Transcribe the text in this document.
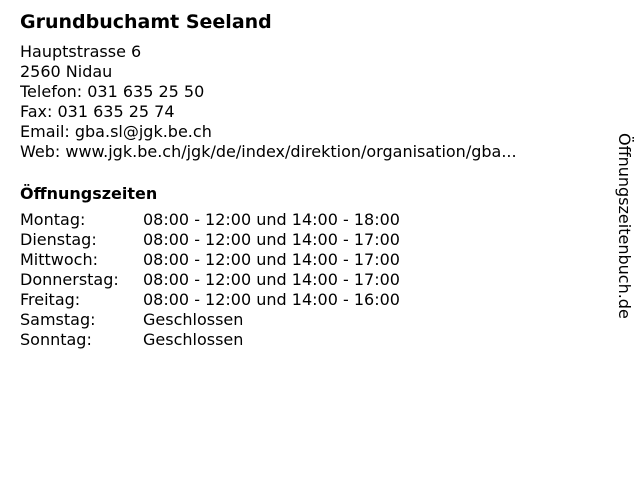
Grundbuchamt Seeland
Hauptstrasse 6
2560 Nidau
Telefon: 031 635 25 50
Fax: 031 635 25 74
Email: gba.sl@jgk.be.ch
Web: www.jgk.be.ch/jgk/de/index/direktion/organisation/gba...
Öffnungszeiten
Montag:	08:00 - 12:00 und 14:00 - 18:00
Dienstag:	08:00 - 12:00 und 14:00 - 17:00
Mittwoch:	08:00 - 12:00 und 14:00 - 17:00
Donnerstag:	08:00 - 12:00 und 14:00 - 17:00
Freitag:	08:00 - 12:00 und 14:00 - 16:00
Samstag:	Geschlossen
Sonntag:	Geschlossen
Öffnungszeitenbuch.de
